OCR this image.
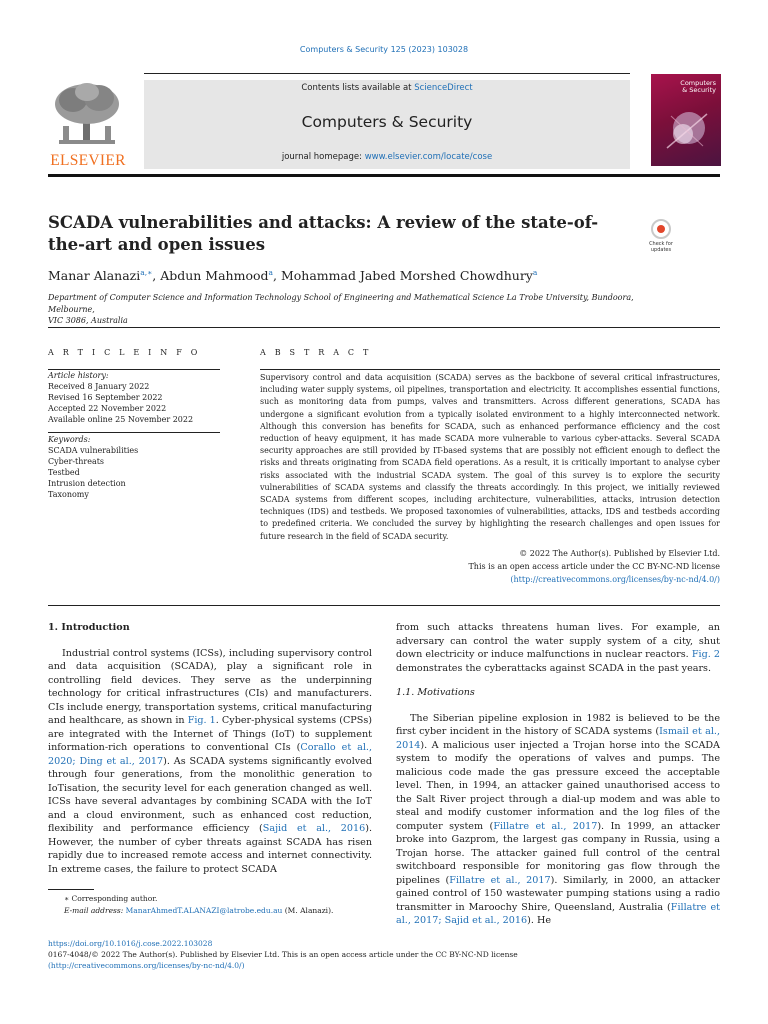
Computers & Security 125 (2023) 103028
ELSEVIER
Contents lists available at ScienceDirect
Computers & Security
journal homepage: www.elsevier.com/locate/cose
Computers
& Security
SCADA vulnerabilities and attacks: A review of the state-of-the-art and open issues	Check for
updates
Manar Alanazi$^{a,∗}$, Abdun Mahmood$^a$, Mohammad Jabed Morshed Chowdhury$^a$
Department of Computer Science and Information Technology School of Engineering and Mathematical Science La Trobe University, Bundoora, Melbourne,
VIC 3086, Australia
A R T I C L E I N F O
Article history:
Received 8 January 2022
Revised 16 September 2022
Accepted 22 November 2022
Available online 25 November 2022
Keywords:
SCADA vulnerabilities
Cyber-threats
Testbed
Intrusion detection
Taxonomy
A B S T R A C T

Supervisory control and data acquisition (SCADA) serves as the backbone of several critical infrastructures, including water supply systems, oil pipelines, transportation and electricity. It accomplishes essential functions, such as monitoring data from pumps, valves and transmitters. Across different generations, SCADA has undergone a significant evolution from a typically isolated environment to a highly interconnected network. Although this conversion has benefits for SCADA, such as enhanced performance efficiency and the cost reduction of heavy equipment, it has made SCADA more vulnerable to various cyber-attacks. Several SCADA security approaches are still provided by IT-based systems that are possibly not efficient enough to deflect the risks and threats originating from SCADA field operations. As a result, it is critically important to analyse cyber risks associated with the industrial SCADA system. The goal of this survey is to explore the security vulnerabilities of SCADA systems and classify the threats accordingly. In this project, we initially reviewed SCADA systems from different scopes, including architecture, vulnerabilities, attacks, intrusion detection techniques (IDS) and testbeds. We proposed taxonomies of vulnerabilities, attacks, IDS and testbeds according to predefined criteria. We concluded the survey by highlighting the research challenges and open issues for future research in the field of SCADA security.

© 2022 The Author(s). Published by Elsevier Ltd.
This is an open access article under the CC BY-NC-ND license
(http://creativecommons.org/licenses/by-nc-nd/4.0/)

1. Introduction

Industrial control systems (ICSs), including supervisory control and data acquisition (SCADA), play a significant role in controlling field devices. They serve as the underpinning technology for critical infrastructures (CIs) and manufacturers. CIs include energy, transportation systems, critical manufacturing and healthcare, as shown in Fig. 1. Cyber-physical systems (CPSs) are integrated with the Internet of Things (IoT) to supplement information-rich operations to conventional CIs (Corallo et al., 2020; Ding et al., 2017). As SCADA systems significantly evolved through four generations, from the monolithic generation to IoTisation, the security level for each generation changed as well. ICSs have several advantages by combining SCADA with the IoT and a cloud environment, such as enhanced cost reduction, flexibility and performance efficiency (Sajid et al., 2016). However, the number of cyber threats against SCADA has risen rapidly due to increased remote access and internet connectivity. In extreme cases, the failure to protect SCADA

from such attacks threatens human lives. For example, an adversary can control the water supply system of a city, shut down electricity or induce malfunctions in nuclear reactors. Fig. 2 demonstrates the cyberattacks against SCADA in the past years.

1.1. Motivations

The Siberian pipeline explosion in 1982 is believed to be the first cyber incident in the history of SCADA systems (Ismail et al., 2014). A malicious user injected a Trojan horse into the SCADA system to modify the operations of valves and pumps. The malicious code made the gas pressure exceed the acceptable level. Then, in 1994, an attacker gained unauthorised access to the Salt River project through a dial-up modem and was able to steal and modify customer information and the log files of the computer system (Fillatre et al., 2017). In 1999, an attacker broke into Gazprom, the largest gas company in Russia, using a Trojan horse. The attacker gained full control of the central switchboard responsible for monitoring gas flow through the pipelines (Fillatre et al., 2017). Similarly, in 2000, an attacker gained control of 150 wastewater pumping stations using a radio transmitter in Maroochy Shire, Queensland, Australia (Fillatre et al., 2017; Sajid et al., 2016). He

∗ Corresponding author.
E-mail address: ManarAhmedT.ALANAZI@latrobe.edu.au (M. Alanazi).
https://doi.org/10.1016/j.cose.2022.103028
0167-4048/© 2022 The Author(s). Published by Elsevier Ltd. This is an open access article under the CC BY-NC-ND license
(http://creativecommons.org/licenses/by-nc-nd/4.0/)
